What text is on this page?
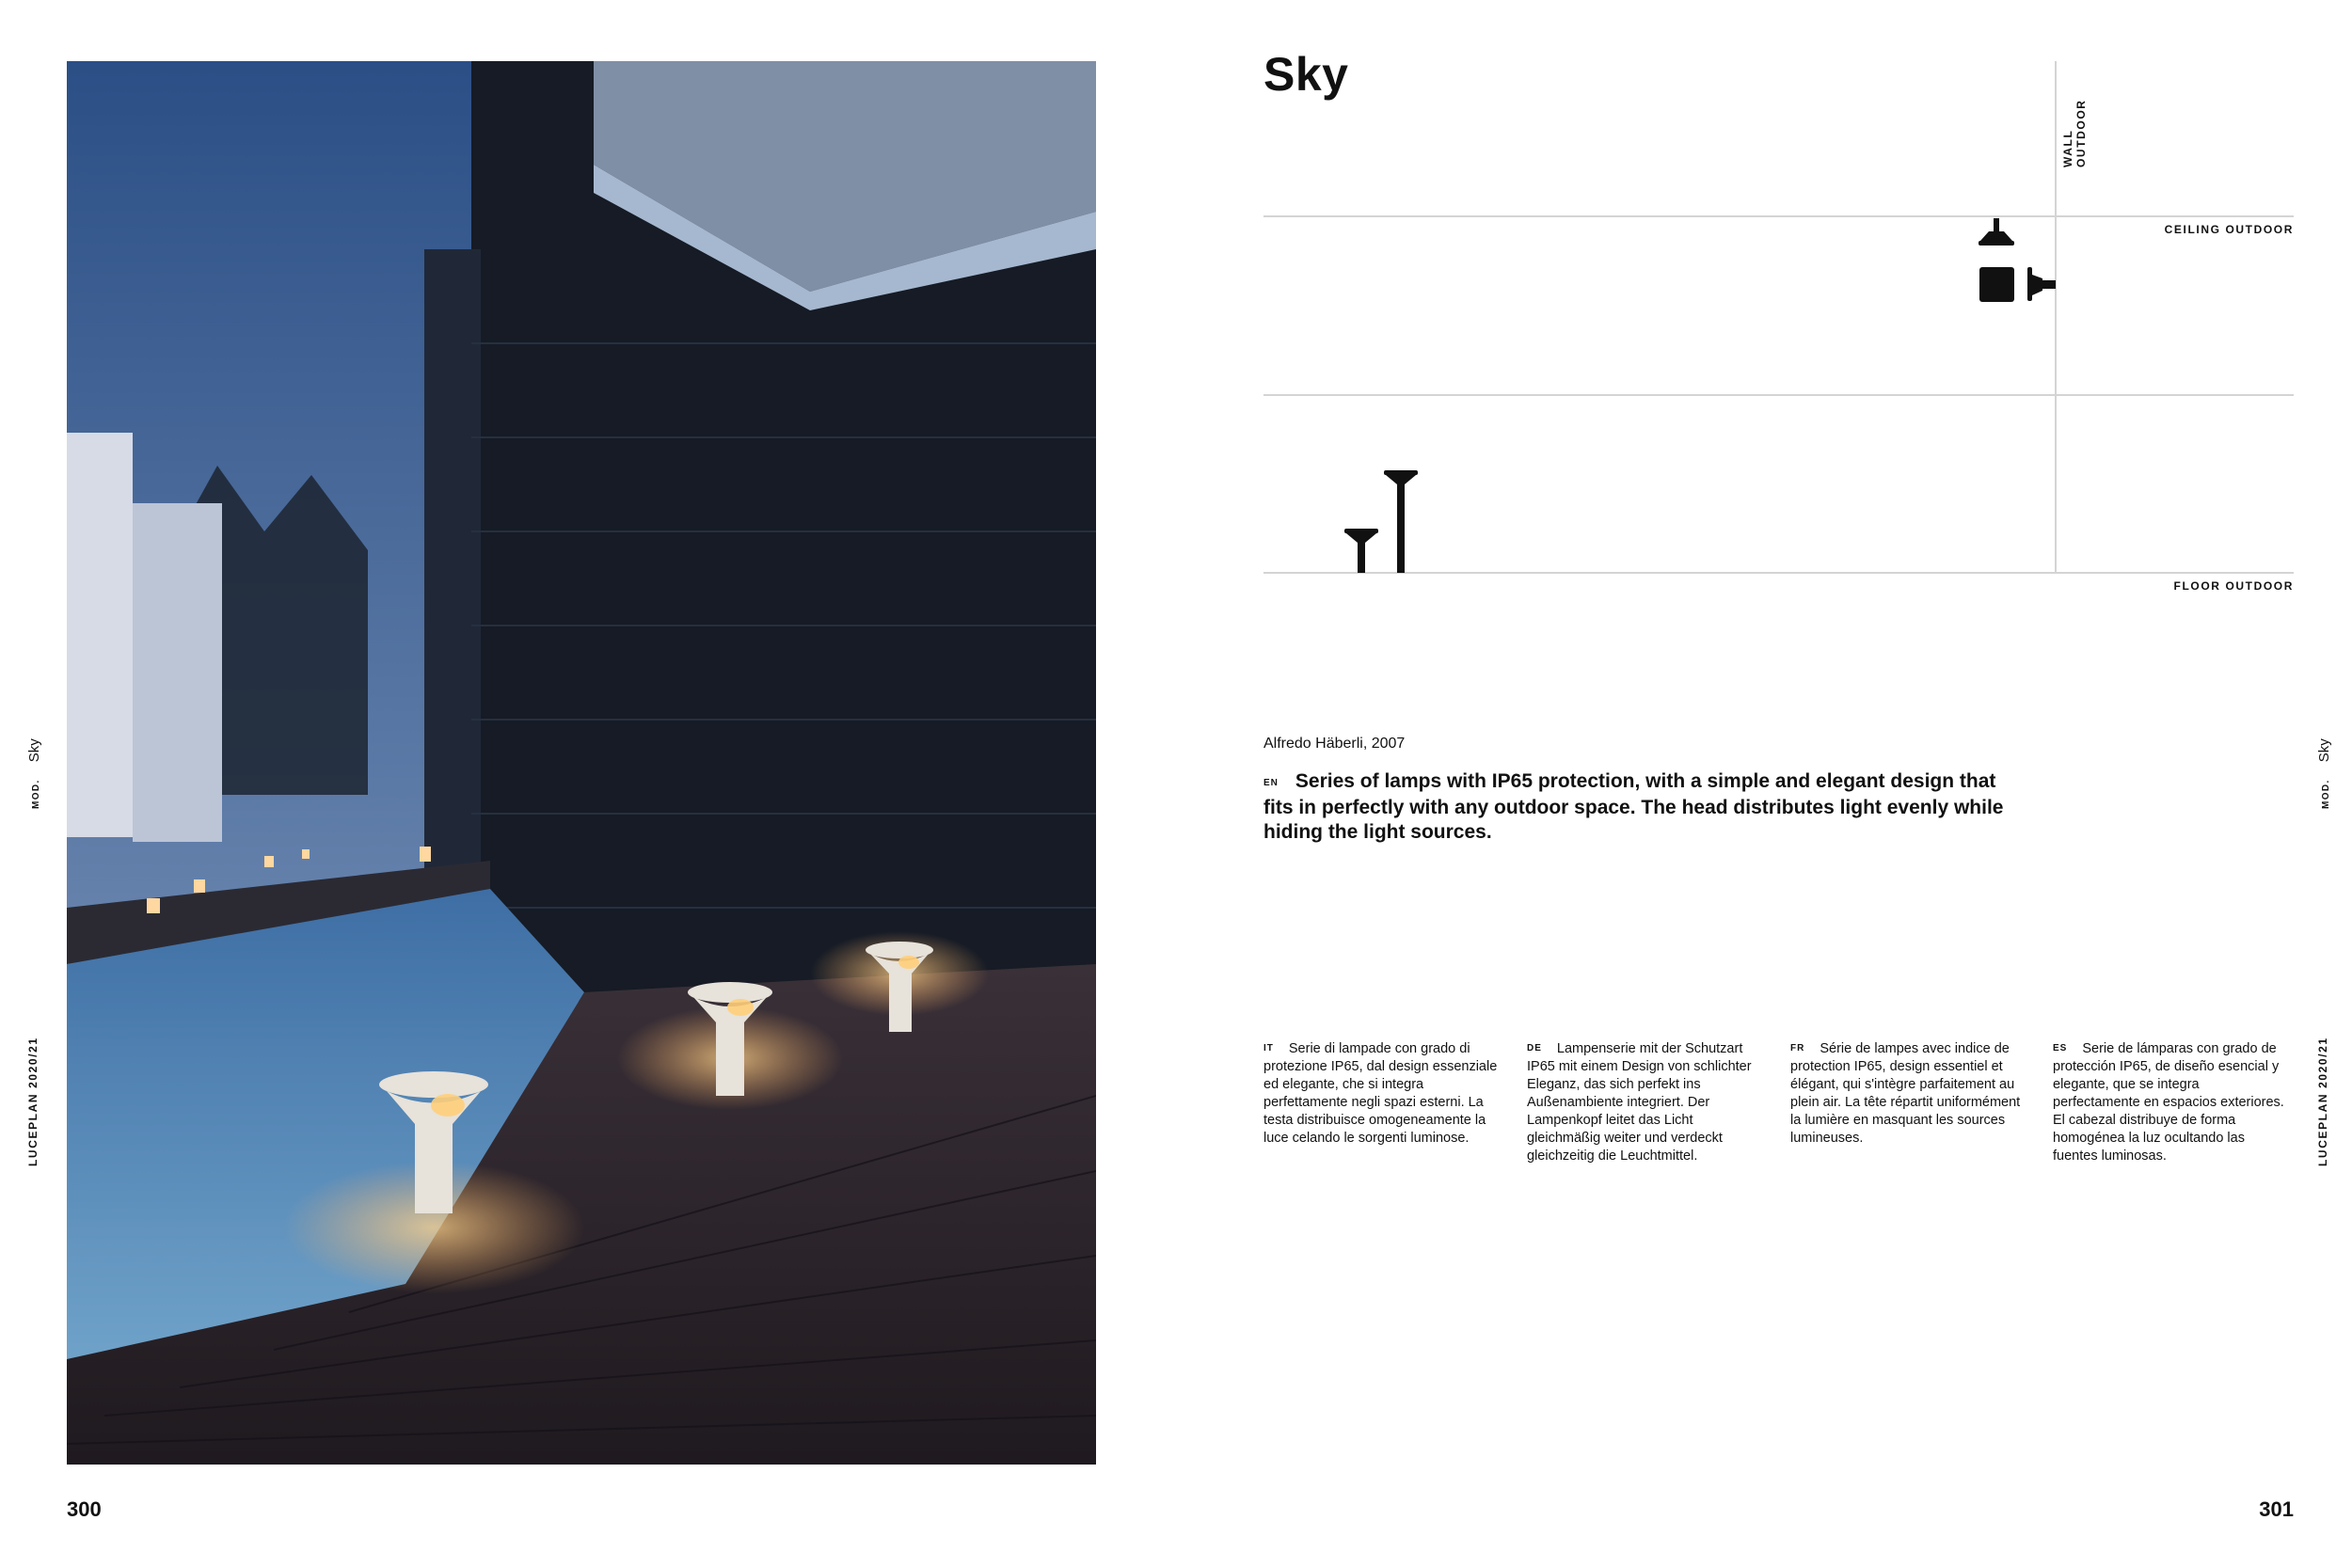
MOD.Sky
LUCEPLAN 2020/21
300
Sky
WALL OUTDOOR
CEILING OUTDOOR
FLOOR OUTDOOR
Alfredo Häberli, 2007
EN Series of lamps with IP65 protection, with a simple and elegant design that fits in perfectly with any outdoor space. The head distributes light evenly while hiding the light sources.
IT Serie di lampade con grado di protezione IP65, dal design essenziale ed elegante, che si integra perfettamente negli spazi esterni. La testa distribuisce omogeneamente la luce celando le sorgenti luminose.
DE Lampenserie mit der Schutzart IP65 mit einem Design von schlichter Eleganz, das sich perfekt ins Außenambiente integriert. Der Lampenkopf leitet das Licht gleichmäßig weiter und verdeckt gleichzeitig die Leuchtmittel.
FR Série de lampes avec indice de protection IP65, design essentiel et élégant, qui s'intègre parfaitement au plein air. La tête répartit uniformément la lumière en masquant les sources lumineuses.
ES Serie de lámparas con grado de protección IP65, de diseño esencial y elegante, que se integra perfectamente en espacios exteriores. El cabezal distribuye de forma homogénea la luz ocultando las fuentes luminosas.
MOD.Sky
LUCEPLAN 2020/21
301
